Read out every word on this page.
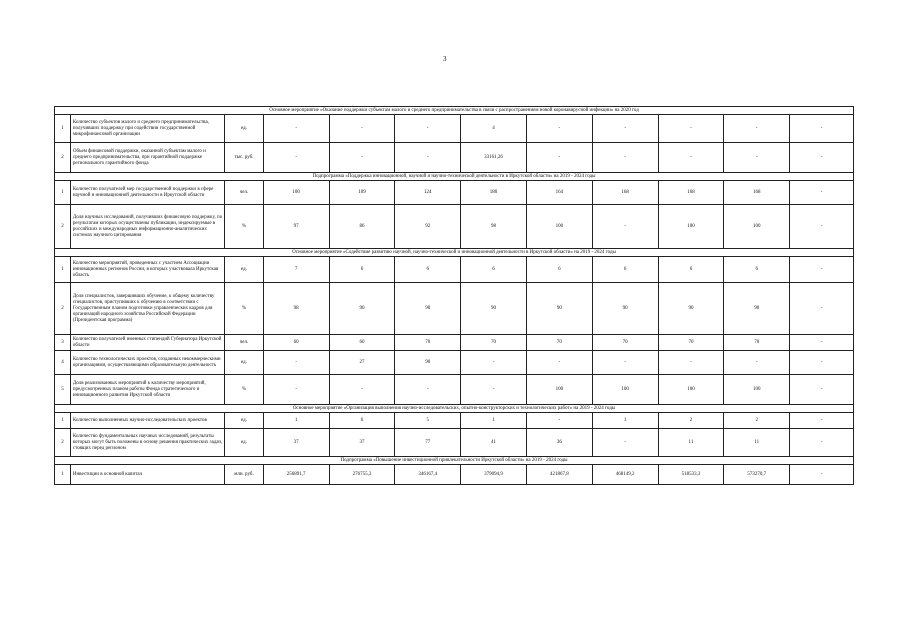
3
Основное мероприятие «Оказание поддержки субъектам малого и среднего предпринимательства в связи с распространением новой коронавирусной инфекции» на 2020 год											
1	Количество субъектов малого и среднего предпринимательства, получивших поддержку при содействии государственной микрофинансовой организации	ед.	-	-	-	4	-	-	-	-	-
2	Объем финансовой поддержки, оказанной субъектам малого и среднего предпринимательства, при гарантийной поддержке регионального гарантийного фонда	тыс. руб.	-	-	-	33161,26	-	-	-	-	-
Подпрограмма «Поддержка инновационной, научной и научно-технической деятельности в Иркутской области» на 2019 - 2024 годы											
1	Количество получателей мер государственной поддержки в сфере научной и инновационной деятельности в Иркутской области	чел.	100	109	124	180	164	168	168	168	-
2	Доля научных исследований, получивших финансовую поддержку, по результатам которых осуществлены публикации, индексируемые в российских и международных информационно-аналитических системах научного цитирования	%	97	86	92	98	100	-	100	100	-
Основное мероприятие «Содействие развитию научной, научно-технической и инновационной деятельности в Иркутской области» на 2019 - 2024 годы											
1	Количество мероприятий, проведенных с участием Ассоциации инновационных регионов России, в которых участвовала Иркутская область	ед.	7	6	6	6	6	6	6	6	-
2	Доля специалистов, завершивших обучение, к общему количеству специалистов, приступивших к обучению в соответствии с Государственным планом подготовки управленческих кадров для организаций народного хозяйства Российской Федерации (Президентская программа)	%	98	90	90	90	90	90	90	90	-
3	Количество получателей именных стипендий Губернатора Иркутской области	чел.	60	60	70	70	70	70	70	70	-
4	Количество технологических проектов, созданных некоммерческими организациями, осуществляющими образовательную деятельность	ед.	-	27	90	-	-	-	-	-	-
5	Доля реализованных мероприятий к количеству мероприятий, предусмотренных планом работы Фонда стратегического и инновационного развития Иркутской области	%	-	-	-	-	100	100	100	100	-
Основное мероприятие «Организация выполнения научно-исследовательских, опытно-конструкторских и технологических работ» на 2019 - 2024 годы											
1	Количество выполненных научно-исследовательских проектов	ед.	1	6	5	1	-	1	2	2	-
2	Количество фундаментальных научных исследований, результаты которых могут быть положены в основу решения практических задач, стоящих перед регионом	ед.	37	37	77	41	36	-	11	11	-
Подпрограмма «Повышение инвестиционной привлекательности Иркутской области» на 2019 - 2024 годы											
1	Инвестиции в основной капитал	млн. руб.	256891,7	276755,3	346167,4	379094,9	421867,8	468149,2	518533,3	573270,7	-
